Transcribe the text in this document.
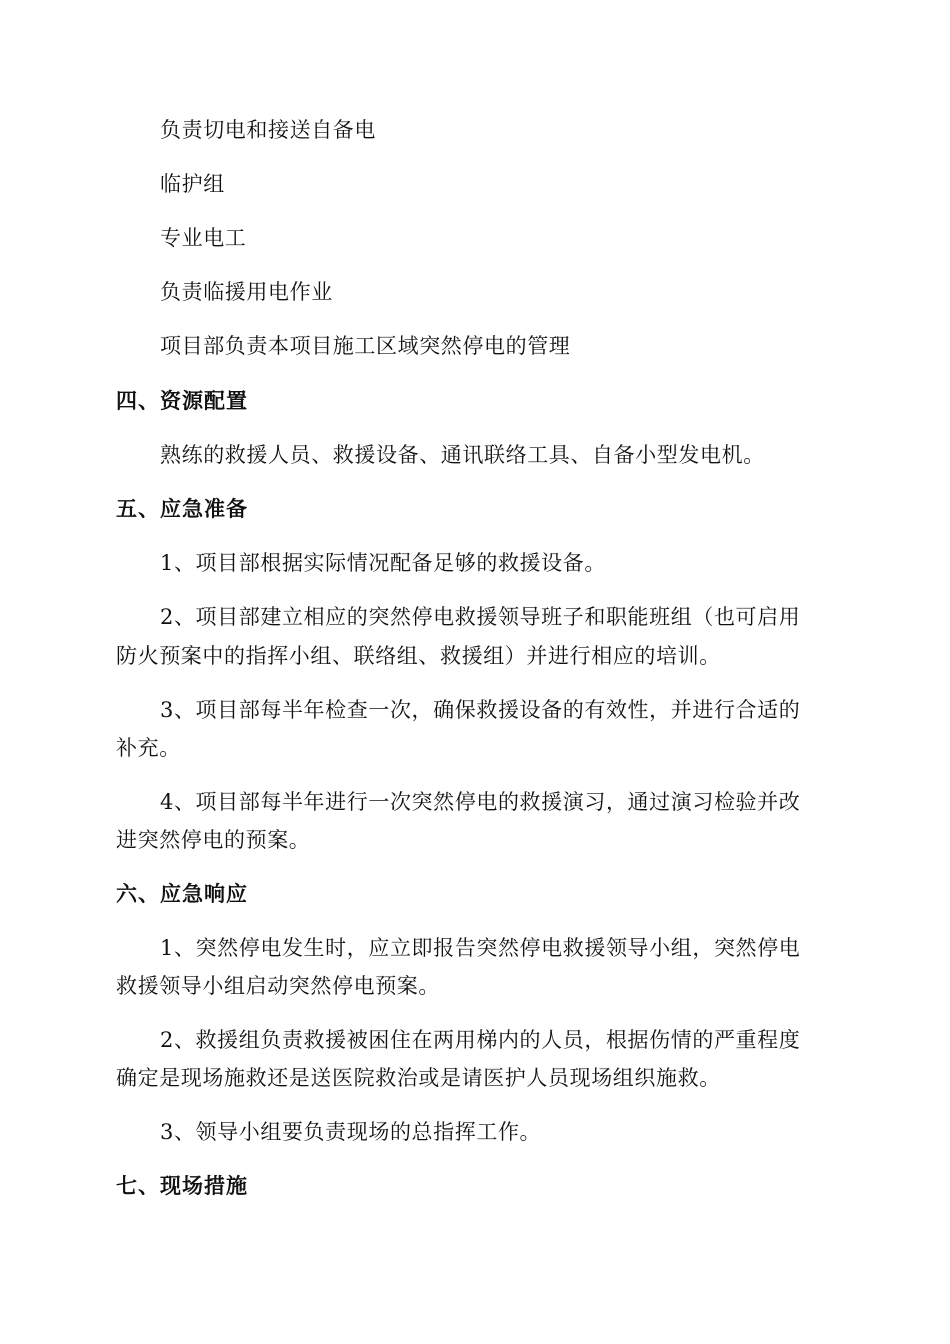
负责切电和接送自备电
临护组
专业电工
负责临援用电作业
项目部负责本项目施工区域突然停电的管理
四、资源配置
熟练的救援人员、救援设备、通讯联络工具、自备小型发电机。
五、应急准备
1、项目部根据实际情况配备足够的救援设备。
2、项目部建立相应的突然停电救援领导班子和职能班组（也可启用
防火预案中的指挥小组、联络组、救援组）并进行相应的培训。
3、项目部每半年检查一次，确保救援设备的有效性，并进行合适的
补充。
4、项目部每半年进行一次突然停电的救援演习，通过演习检验并改
进突然停电的预案。
六、应急响应
1、突然停电发生时，应立即报告突然停电救援领导小组，突然停电
救援领导小组启动突然停电预案。
2、救援组负责救援被困住在两用梯内的人员，根据伤情的严重程度
确定是现场施救还是送医院救治或是请医护人员现场组织施救。
3、领导小组要负责现场的总指挥工作。
七、现场措施
